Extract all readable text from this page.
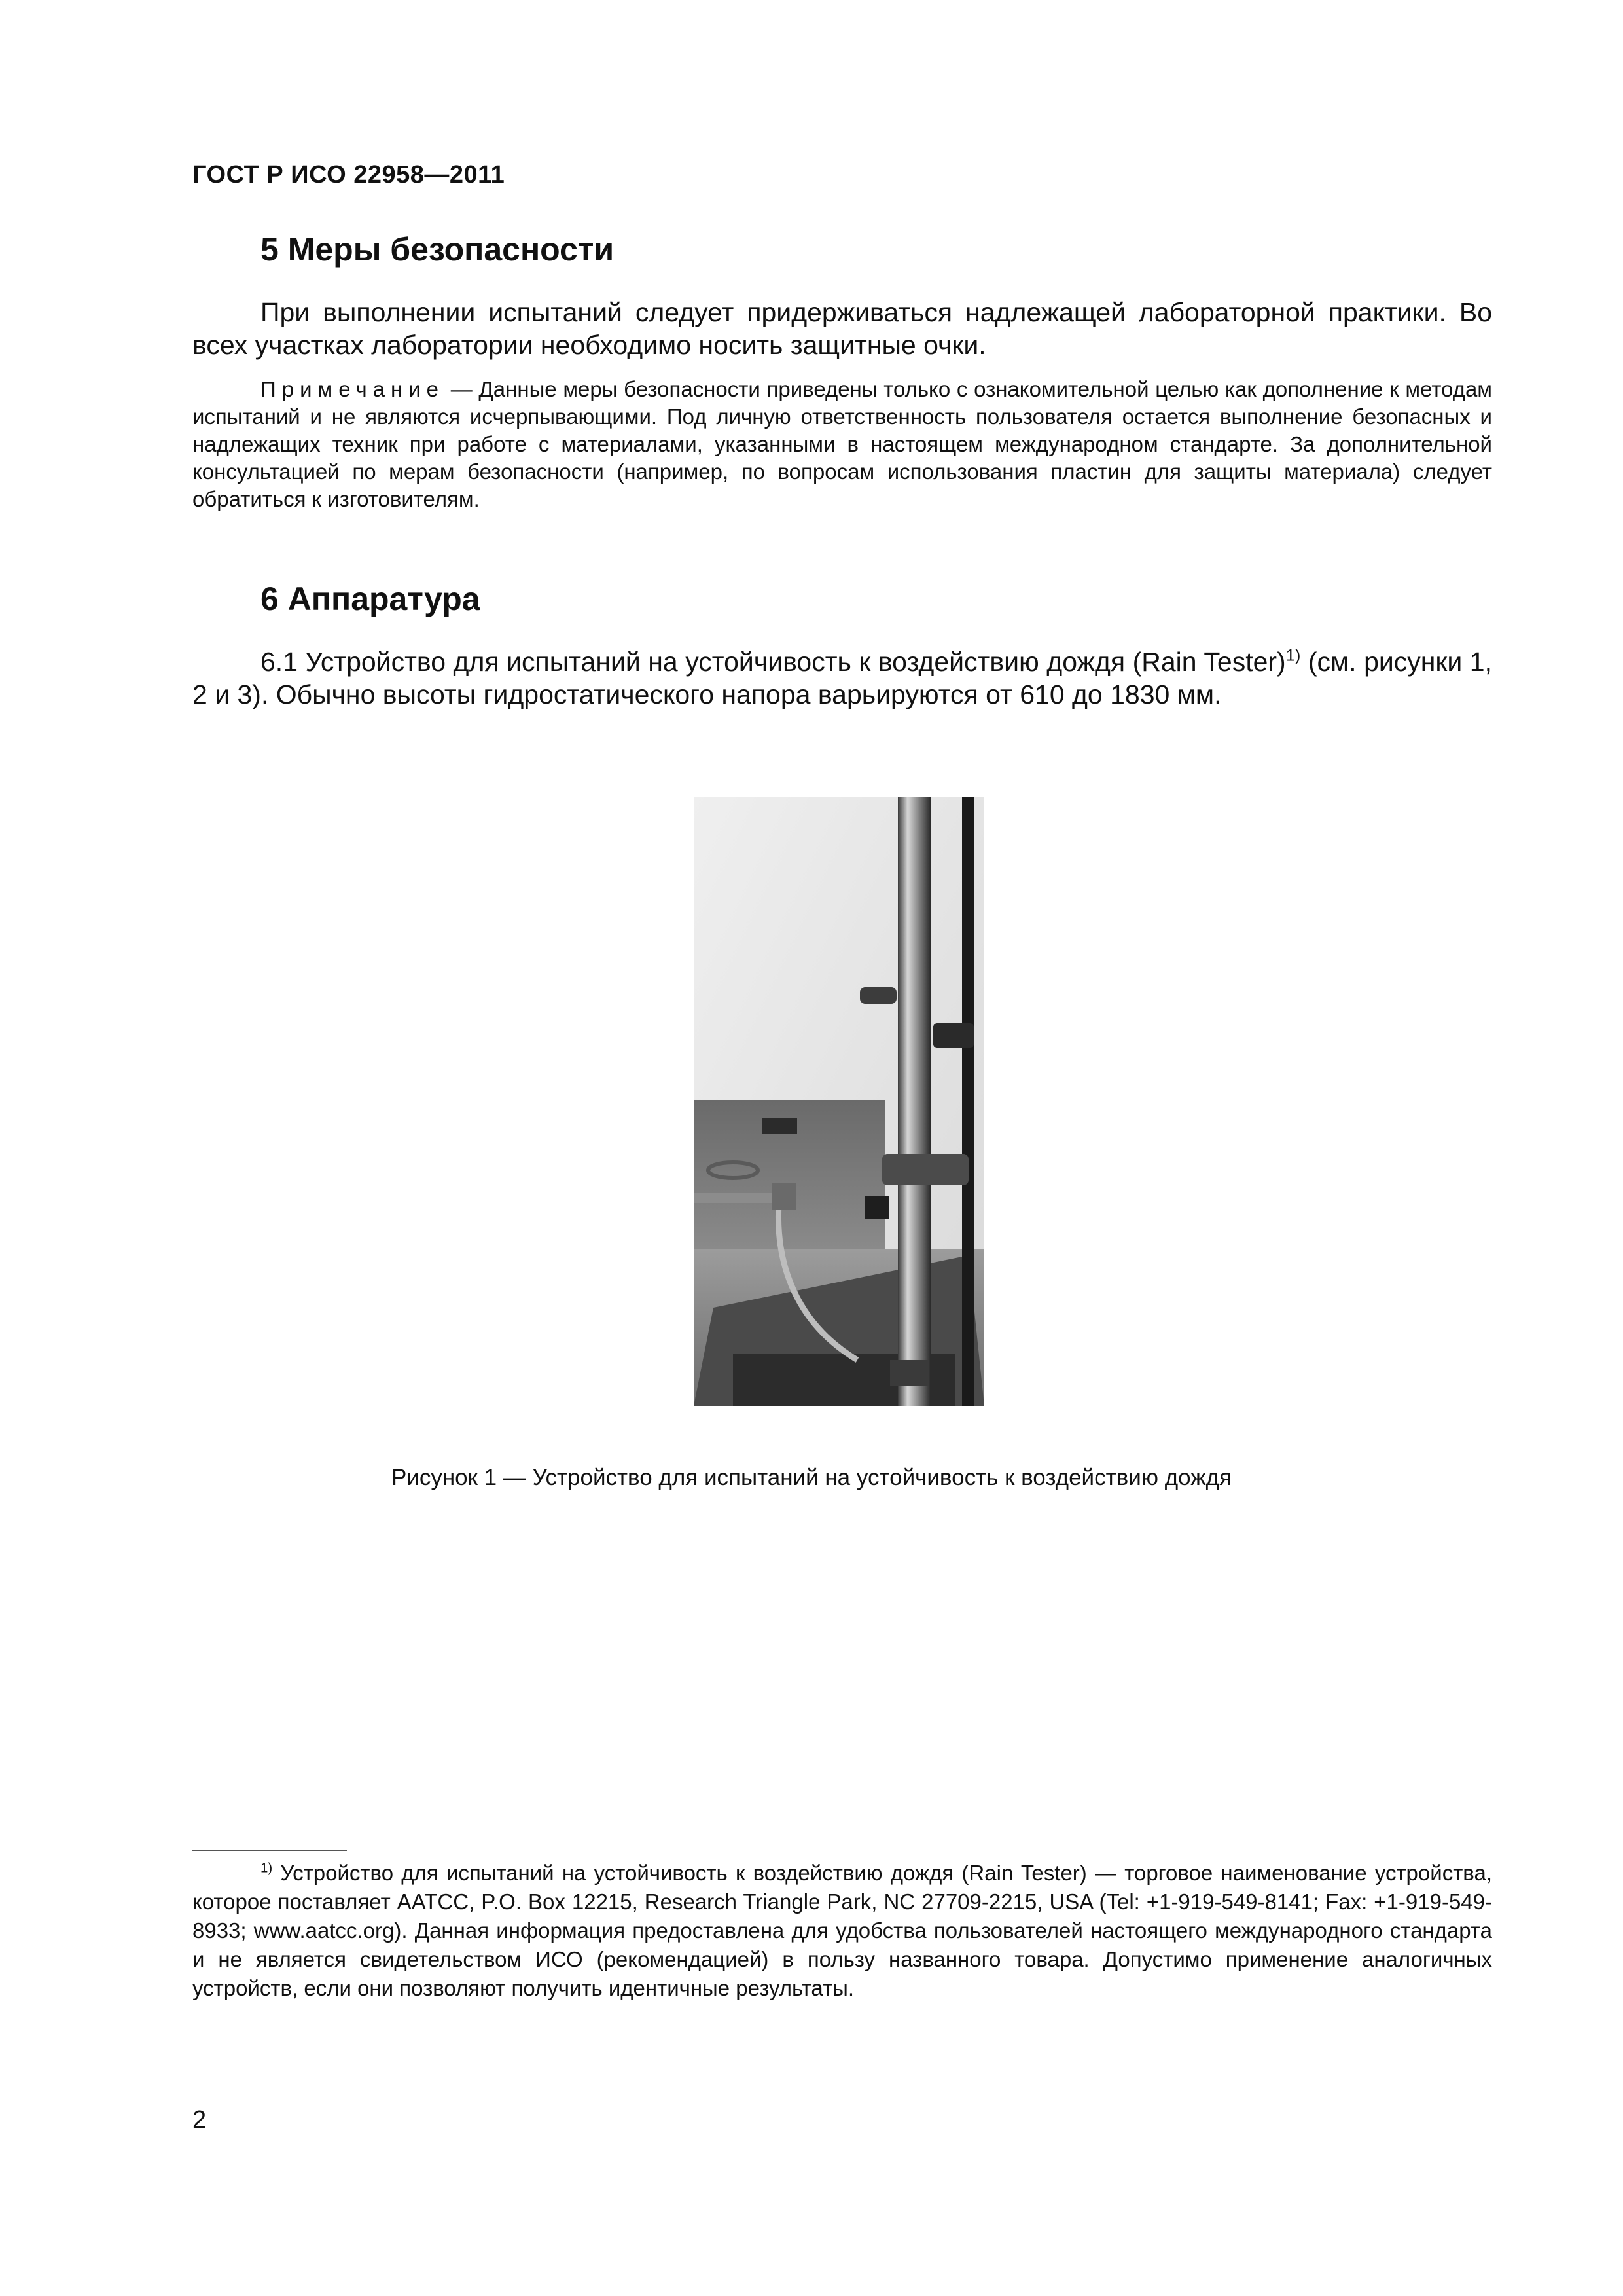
ГОСТ Р ИСО 22958—2011
5 Меры безопасности

При выполнении испытаний следует придерживаться надлежащей лабораторной практики. Во всех участках лаборатории необходимо носить защитные очки.

Примечание — Данные меры безопасности приведены только с ознакомительной целью как дополнение к методам испытаний и не являются исчерпывающими. Под личную ответственность пользователя остается выполнение безопасных и надлежащих техник при работе с материалами, указанными в настоящем международном стандарте. За дополнительной консультацией по мерам безопасности (например, по вопросам использования пластин для защиты материала) следует обратиться к изготовителям.

6 Аппаратура

6.1 Устройство для испытаний на устойчивость к воздействию дождя (Rain Tester)$^{1)}$ (см. рисунки 1, 2 и 3). Обычно высоты гидростатического напора варьируются от 610 до 1830 мм.

Рисунок 1 — Устройство для испытаний на устойчивость к воздействию дождя

$^{1)}$ Устройство для испытаний на устойчивость к воздействию дождя (Rain Tester) — торговое наименование устройства, которое поставляет AATCC, P.O. Box 12215, Research Triangle Park, NC 27709-2215, USA (Tel: +1-919-549-8141; Fax: +1-919-549-8933; www.aatcc.org). Данная информация предоставлена для удобства пользователей настоящего международного стандарта и не является свидетельством ИСО (рекомендацией) в пользу названного товара. Допустимо применение аналогичных устройств, если они позволяют получить идентичные результаты.

2
